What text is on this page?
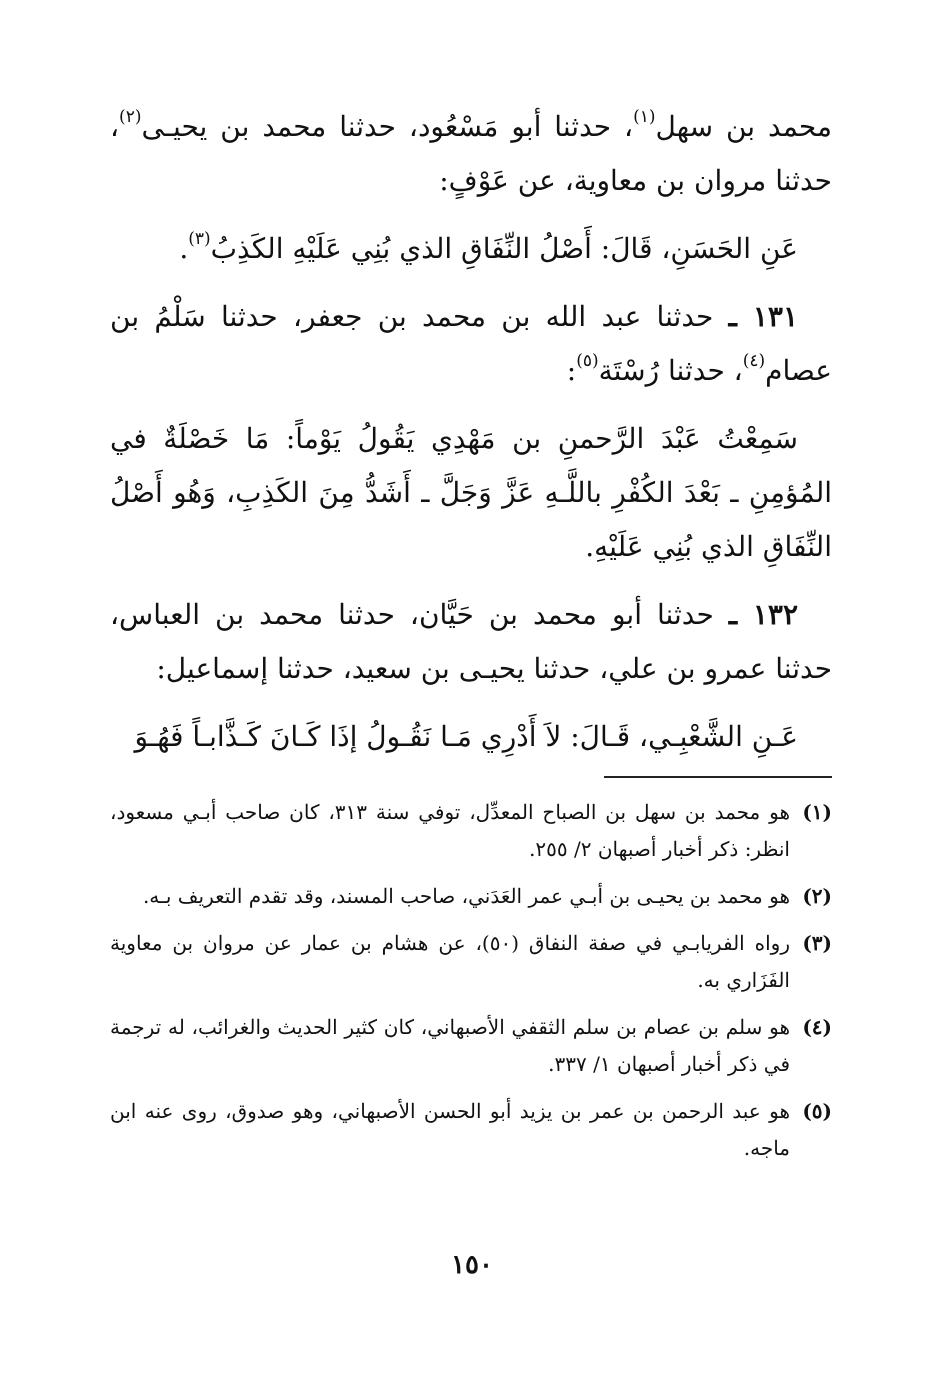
محمد بن سهل$^{(١)}$، حدثنا أبو مَسْعُود، حدثنا محمد بن يحيـى$^{(٢)}$، حدثنا مروان بن معاوية، عن عَوْفٍ:

عَنِ الحَسَنِ، قَالَ: أَصْلُ النِّفَاقِ الذي بُنِي عَلَيْهِ الكَذِبُ$^{(٣)}$.

١٣١ ـ حدثنا عبد الله بن محمد بن جعفر، حدثنا سَلْمُ بن عصام$^{(٤)}$، حدثنا رُسْتَة$^{(٥)}$:

سَمِعْتُ عَبْدَ الرَّحمنِ بن مَهْدِي يَقُولُ يَوْماً: مَا خَصْلَةٌ في المُؤمِنِ ـ بَعْدَ الكُفْرِ باللَّـهِ عَزَّ وَجَلَّ ـ أَشَدُّ مِنَ الكَذِبِ، وَهُو أَصْلُ النِّفَاقِ الذي بُنِي عَلَيْهِ.

١٣٢ ـ حدثنا أبو محمد بن حَيَّان، حدثنا محمد بن العباس، حدثنا عمرو بن علي، حدثنا يحيـى بن سعيد، حدثنا إسماعيل:

عَـنِ الشَّعْبِـي، قَـالَ: لاَ أَدْرِي مَـا نَقُـولُ إذَا كَـانَ كَـذَّابـاً فَهُـوَ

(١)
هو محمد بن سهل بن الصباح المعدِّل، توفي سنة ٣١٣، كان صاحب أبـي مسعود، انظر: ذكر أخبار أصبهان ٢/ ٢٥٥.
(٢)
هو محمد بن يحيـى بن أبـي عمر العَدَني، صاحب المسند، وقد تقدم التعريف بـه.
(٣)
رواه الفريابـي في صفة النفاق (٥٠)، عن هشام بن عمار عن مروان بن معاوية الفَزَاري به.
(٤)
هو سلم بن عصام بن سلم الثقفي الأصبهاني، كان كثير الحديث والغرائب، له ترجمة في ذكر أخبار أصبهان ١/ ٣٣٧.
(٥)
هو عبد الرحمن بن عمر بن يزيد أبو الحسن الأصبهاني، وهو صدوق، روى عنه ابن ماجه.
١٥٠
